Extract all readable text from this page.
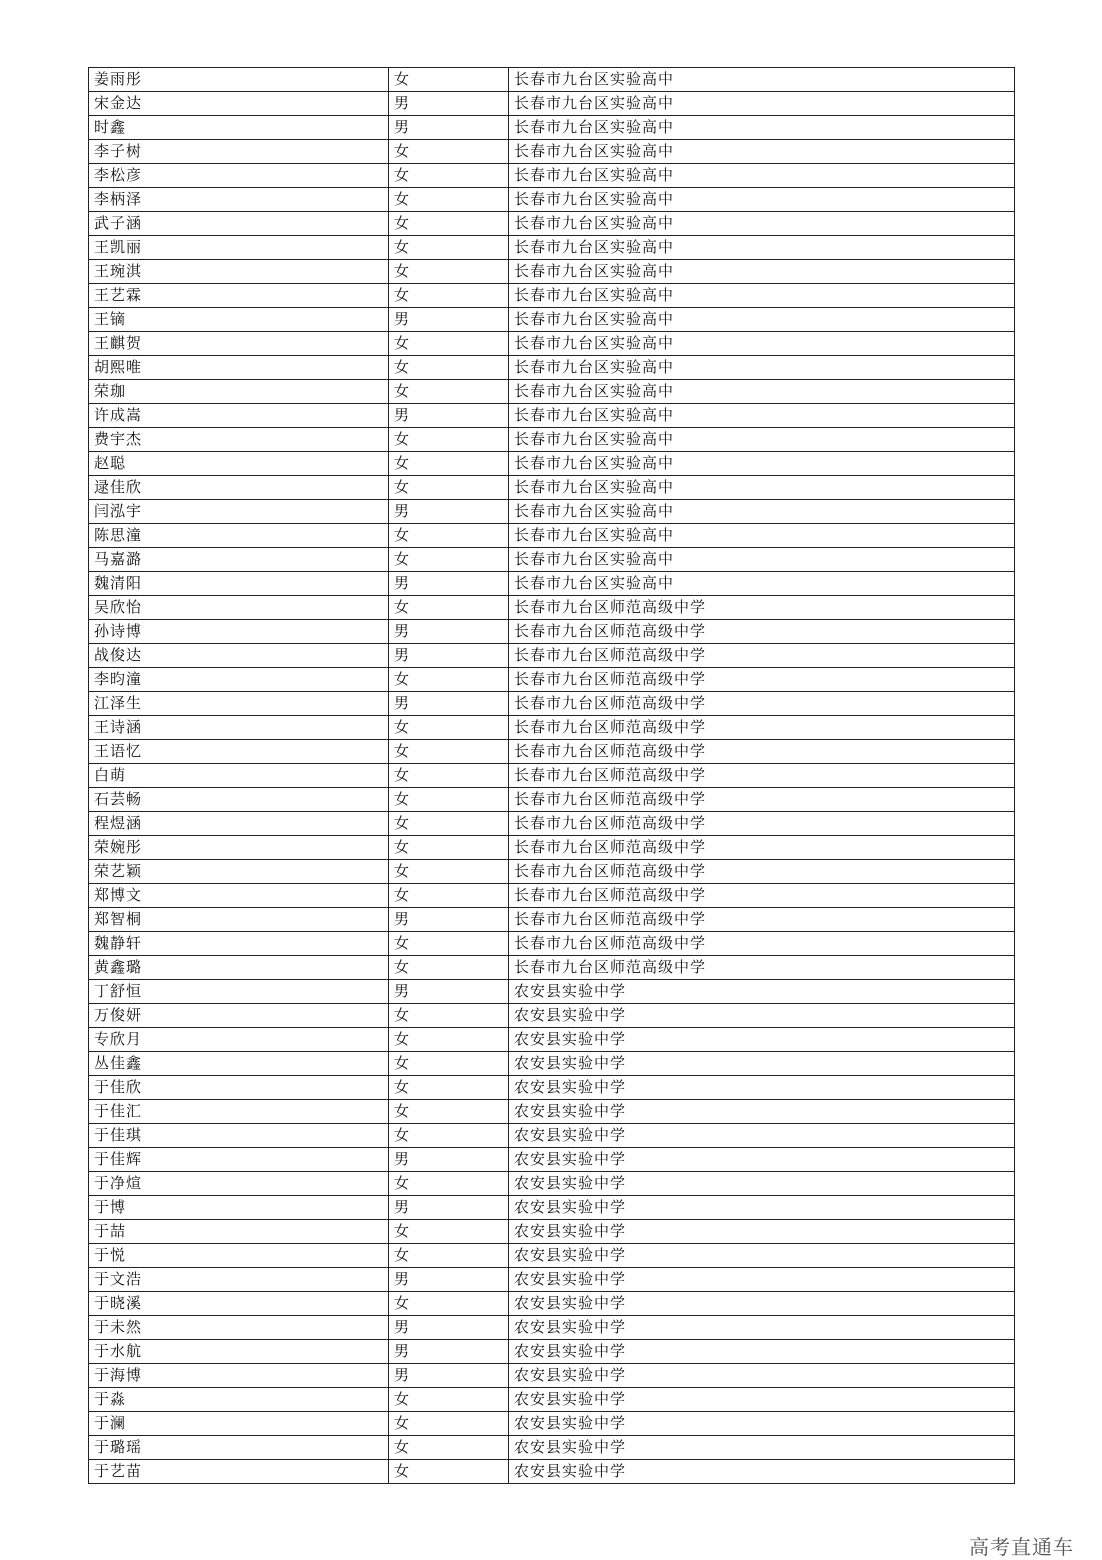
姜雨彤	女	长春市九台区实验高中
宋金达	男	长春市九台区实验高中
时鑫	男	长春市九台区实验高中
李子树	女	长春市九台区实验高中
李松彦	女	长春市九台区实验高中
李柄泽	女	长春市九台区实验高中
武子涵	女	长春市九台区实验高中
王凯丽	女	长春市九台区实验高中
王琬淇	女	长春市九台区实验高中
王艺霖	女	长春市九台区实验高中
王镝	男	长春市九台区实验高中
王麒贺	女	长春市九台区实验高中
胡熙唯	女	长春市九台区实验高中
荣珈	女	长春市九台区实验高中
许成嵩	男	长春市九台区实验高中
费宇杰	女	长春市九台区实验高中
赵聪	女	长春市九台区实验高中
逯佳欣	女	长春市九台区实验高中
闫泓宇	男	长春市九台区实验高中
陈思潼	女	长春市九台区实验高中
马嘉潞	女	长春市九台区实验高中
魏清阳	男	长春市九台区实验高中
吴欣怡	女	长春市九台区师范高级中学
孙诗博	男	长春市九台区师范高级中学
战俊达	男	长春市九台区师范高级中学
李昀潼	女	长春市九台区师范高级中学
江泽生	男	长春市九台区师范高级中学
王诗涵	女	长春市九台区师范高级中学
王语忆	女	长春市九台区师范高级中学
白萌	女	长春市九台区师范高级中学
石芸畅	女	长春市九台区师范高级中学
程煜涵	女	长春市九台区师范高级中学
荣婉彤	女	长春市九台区师范高级中学
荣艺颖	女	长春市九台区师范高级中学
郑博文	女	长春市九台区师范高级中学
郑智桐	男	长春市九台区师范高级中学
魏静轩	女	长春市九台区师范高级中学
黄鑫璐	女	长春市九台区师范高级中学
丁舒恒	男	农安县实验中学
万俊妍	女	农安县实验中学
专欣月	女	农安县实验中学
丛佳鑫	女	农安县实验中学
于佳欣	女	农安县实验中学
于佳汇	女	农安县实验中学
于佳琪	女	农安县实验中学
于佳辉	男	农安县实验中学
于净煊	女	农安县实验中学
于博	男	农安县实验中学
于喆	女	农安县实验中学
于悦	女	农安县实验中学
于文浩	男	农安县实验中学
于晓溪	女	农安县实验中学
于未然	男	农安县实验中学
于水航	男	农安县实验中学
于海博	男	农安县实验中学
于淼	女	农安县实验中学
于澜	女	农安县实验中学
于璐瑶	女	农安县实验中学
于艺苗	女	农安县实验中学
高考直通车
